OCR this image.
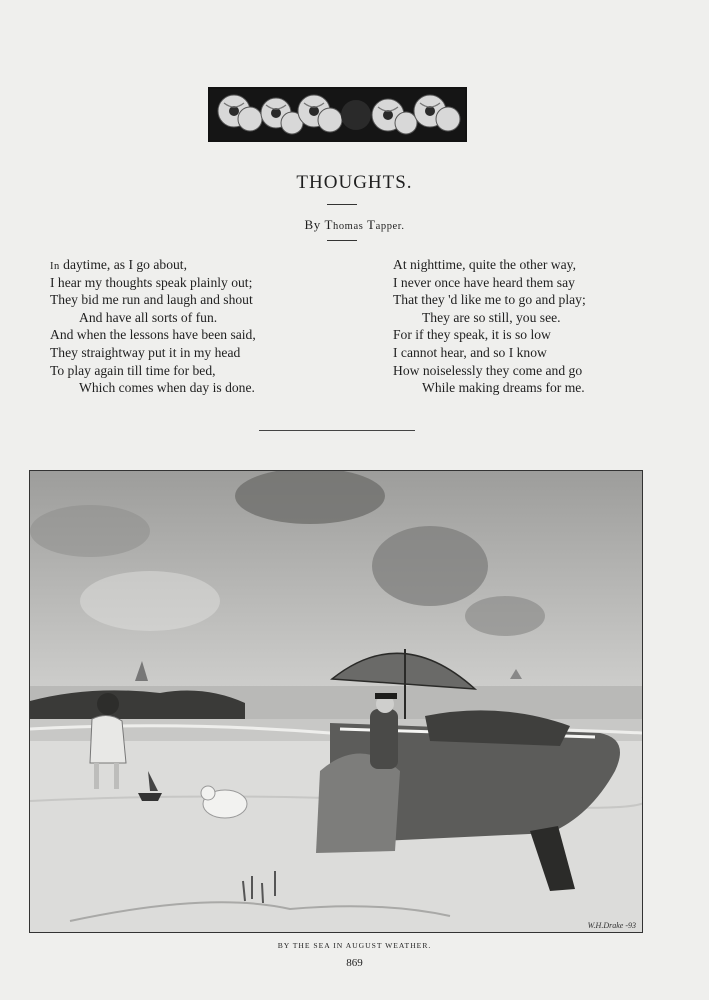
THOUGHTS.
By Thomas Tapper.
In daytime, as I go about,
I hear my thoughts speak plainly out;
They bid me run and laugh and shout
And have all sorts of fun.
And when the lessons have been said,
They straightway put it in my head
To play again till time for bed,
Which comes when day is done.
At nighttime, quite the other way,
I never once have heard them say
That they 'd like me to go and play;
They are so still, you see.
For if they speak, it is so low
I cannot hear, and so I know
How noiselessly they come and go
While making dreams for me.
W.H.Drake -93
BY THE SEA IN AUGUST WEATHER.
869
